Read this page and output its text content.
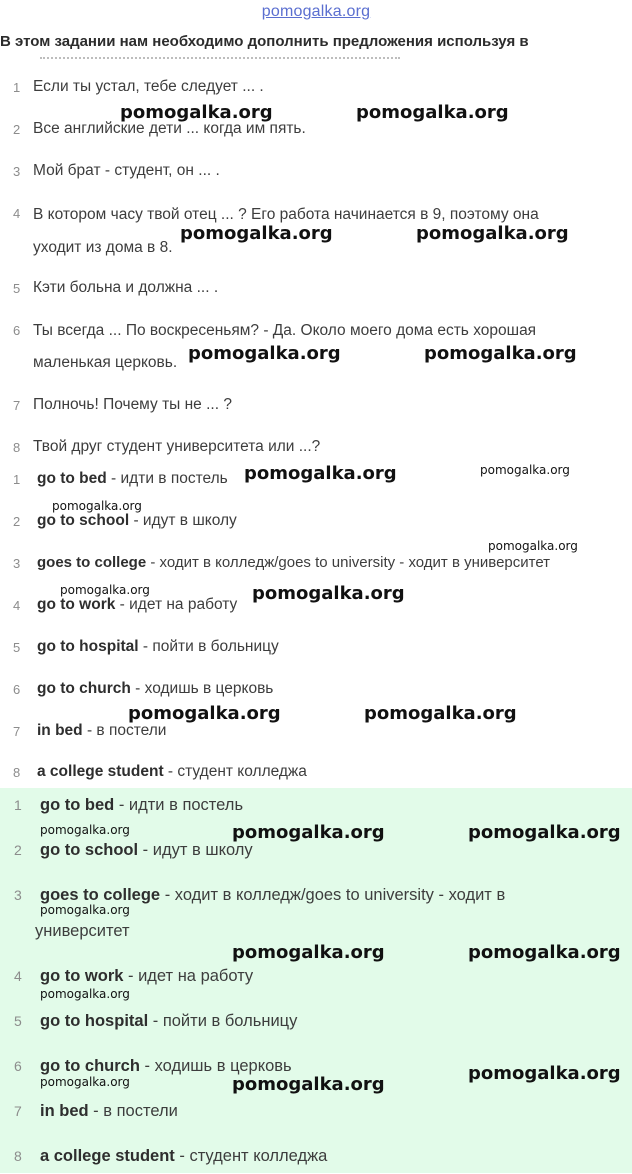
pomogalka.org
В этом задании нам необходимо дополнить предложения используя в
1 Если ты устал, тебе следует ... .
2 Все английские дети ... когда им пять.
3 Мой брат - студент, он ... .
4 В котором часу твой отец ... ? Его работа начинается в 9, поэтому она
уходит из дома в 8.
5 Кэти больна и должна ... .
6 Ты всегда ... По воскресеньям? - Да. Около моего дома есть хорошая
маленькая церковь.
7 Полночь! Почему ты не ... ?
8 Твой друг студент университета или ...?
1 go to bed - идти в постель
2 go to school - идут в школу
3 goes to college - ходит в колледж/goes to university - ходит в университет
4 go to work - идет на работу
5 go to hospital - пойти в больницу
6 go to church - ходишь в церковь
7 in bed - в постели
8 a college student - студент колледжа
1 go to bed - идти в постель
2 go to school - идут в школу
3 goes to college - ходит в колледж/goes to university - ходит в
университет
4 go to work - идет на работу
5 go to hospital - пойти в больницу
6 go to church - ходишь в церковь
7 in bed - в постели
8 a college student - студент колледжа
pomogalka.org	pomogalka.org
pomogalka.org	pomogalka.org
pomogalka.org	pomogalka.org
pomogalka.org	pomogalka.org
pomogalka.org
pomogalka.org
pomogalka.org	pomogalka.org
pomogalka.org	pomogalka.org
pomogalka.org	pomogalka.org	pomogalka.org
pomogalka.org
pomogalka.org	pomogalka.org
pomogalka.org
pomogalka.org	pomogalka.org
pomogalka.org
